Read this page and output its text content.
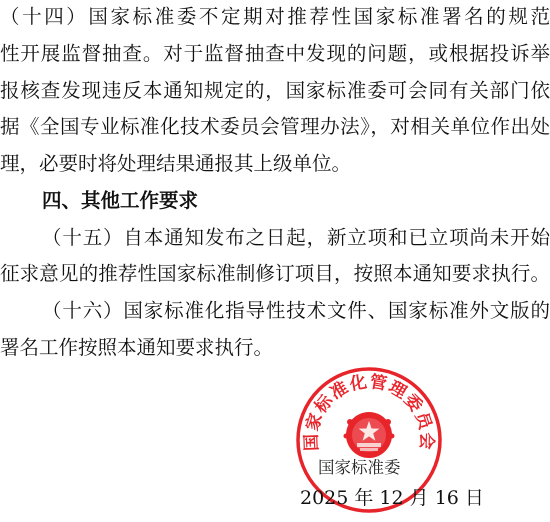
（十四）国家标准委不定期对推荐性国家标准署名的规范
性开展监督抽查。对于监督抽查中发现的问题，或根据投诉举
报核查发现违反本通知规定的，国家标准委可会同有关部门依
据《全国专业标准化技术委员会管理办法》，对相关单位作出处
理，必要时将处理结果通报其上级单位。
四、其他工作要求
（十五）自本通知发布之日起，新立项和已立项尚未开始
征求意见的推荐性国家标准制修订项目，按照本通知要求执行。
（十六）国家标准化指导性技术文件、国家标准外文版的
署名工作按照本通知要求执行。
国家标准化管理委员会
国家标准委
2025 年 12 月 16 日
